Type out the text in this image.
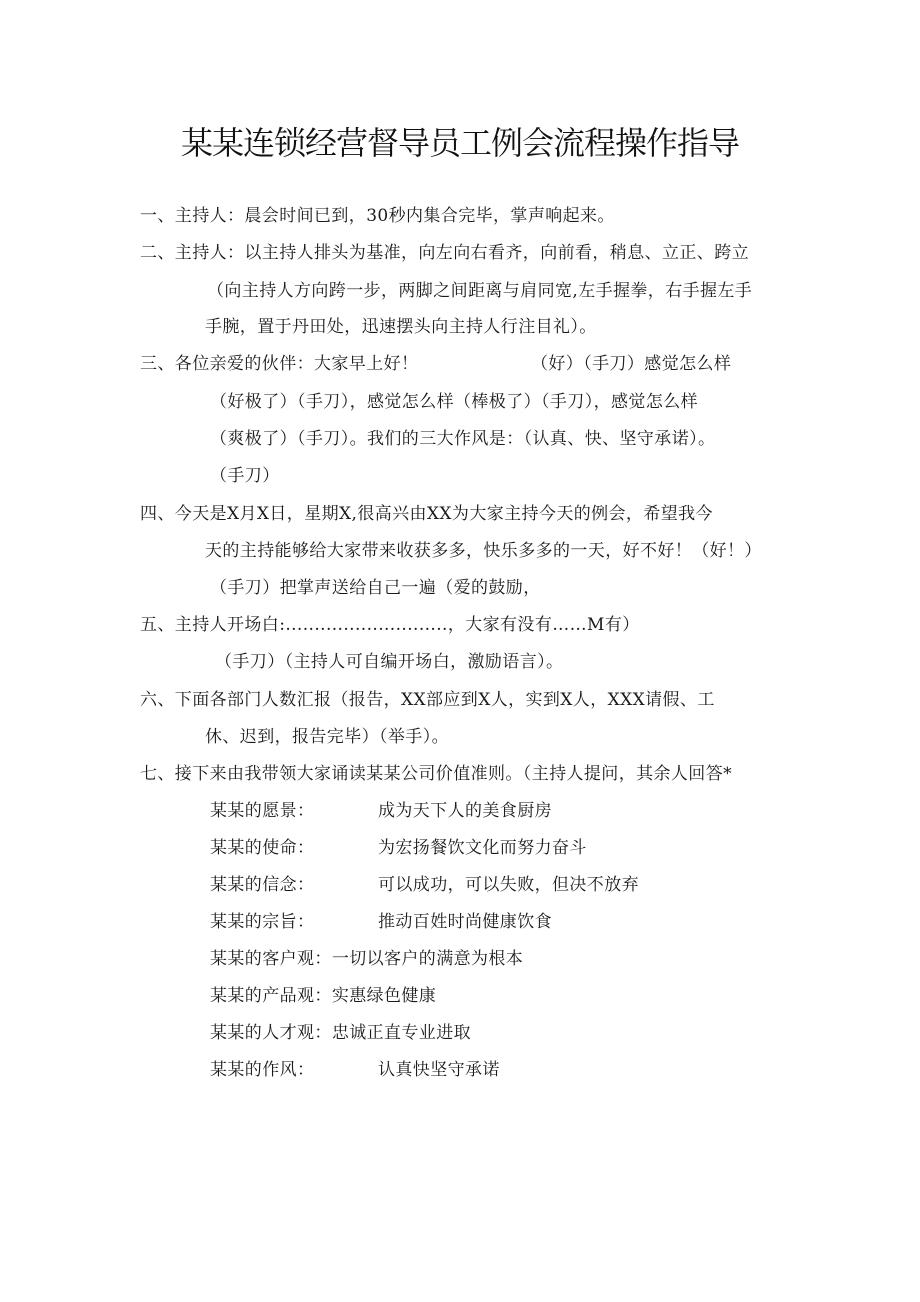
某某连锁经营督导员工例会流程操作指导
一、主持人：晨会时间已到，30秒内集合完毕，掌声响起来。
二、主持人：以主持人排头为基准，向左向右看齐，向前看，稍息、立正、跨立
（向主持人方向跨一步，两脚之间距离与肩同宽,左手握拳，右手握左手
手腕，置于丹田处，迅速摆头向主持人行注目礼）。
三、各位亲爱的伙伴：大家早上好！	（好）（手刀）感觉怎么样
（好极了）（手刀），感觉怎么样（棒极了）（手刀），感觉怎么样
（爽极了）（手刀）。我们的三大作风是：（认真、快、坚守承诺）。
（手刀）
四、今天是X月X日，星期X,很高兴由XX为大家主持今天的例会，希望我今
天的主持能够给大家带来收获多多，快乐多多的一天，好不好！（好！）
（手刀）把掌声送给自己一遍（爱的鼓励，
五、主持人开场白:............................，大家有没有……M有）
（手刀）（主持人可自编开场白，激励语言）。
六、下面各部门人数汇报（报告，XX部应到X人，实到X人，XXX请假、工
休、迟到，报告完毕）（举手）。
七、接下来由我带领大家诵读某某公司价值准则。（主持人提问，其余人回答*
某某的愿景：	成为天下人的美食厨房
某某的使命：	为宏扬餐饮文化而努力奋斗
某某的信念：	可以成功，可以失败，但决不放弃
某某的宗旨：	推动百姓时尚健康饮食
某某的客户观：一切以客户的满意为根本
某某的产品观：实惠绿色健康
某某的人才观：忠诚正直专业进取
某某的作风：	认真快坚守承诺
